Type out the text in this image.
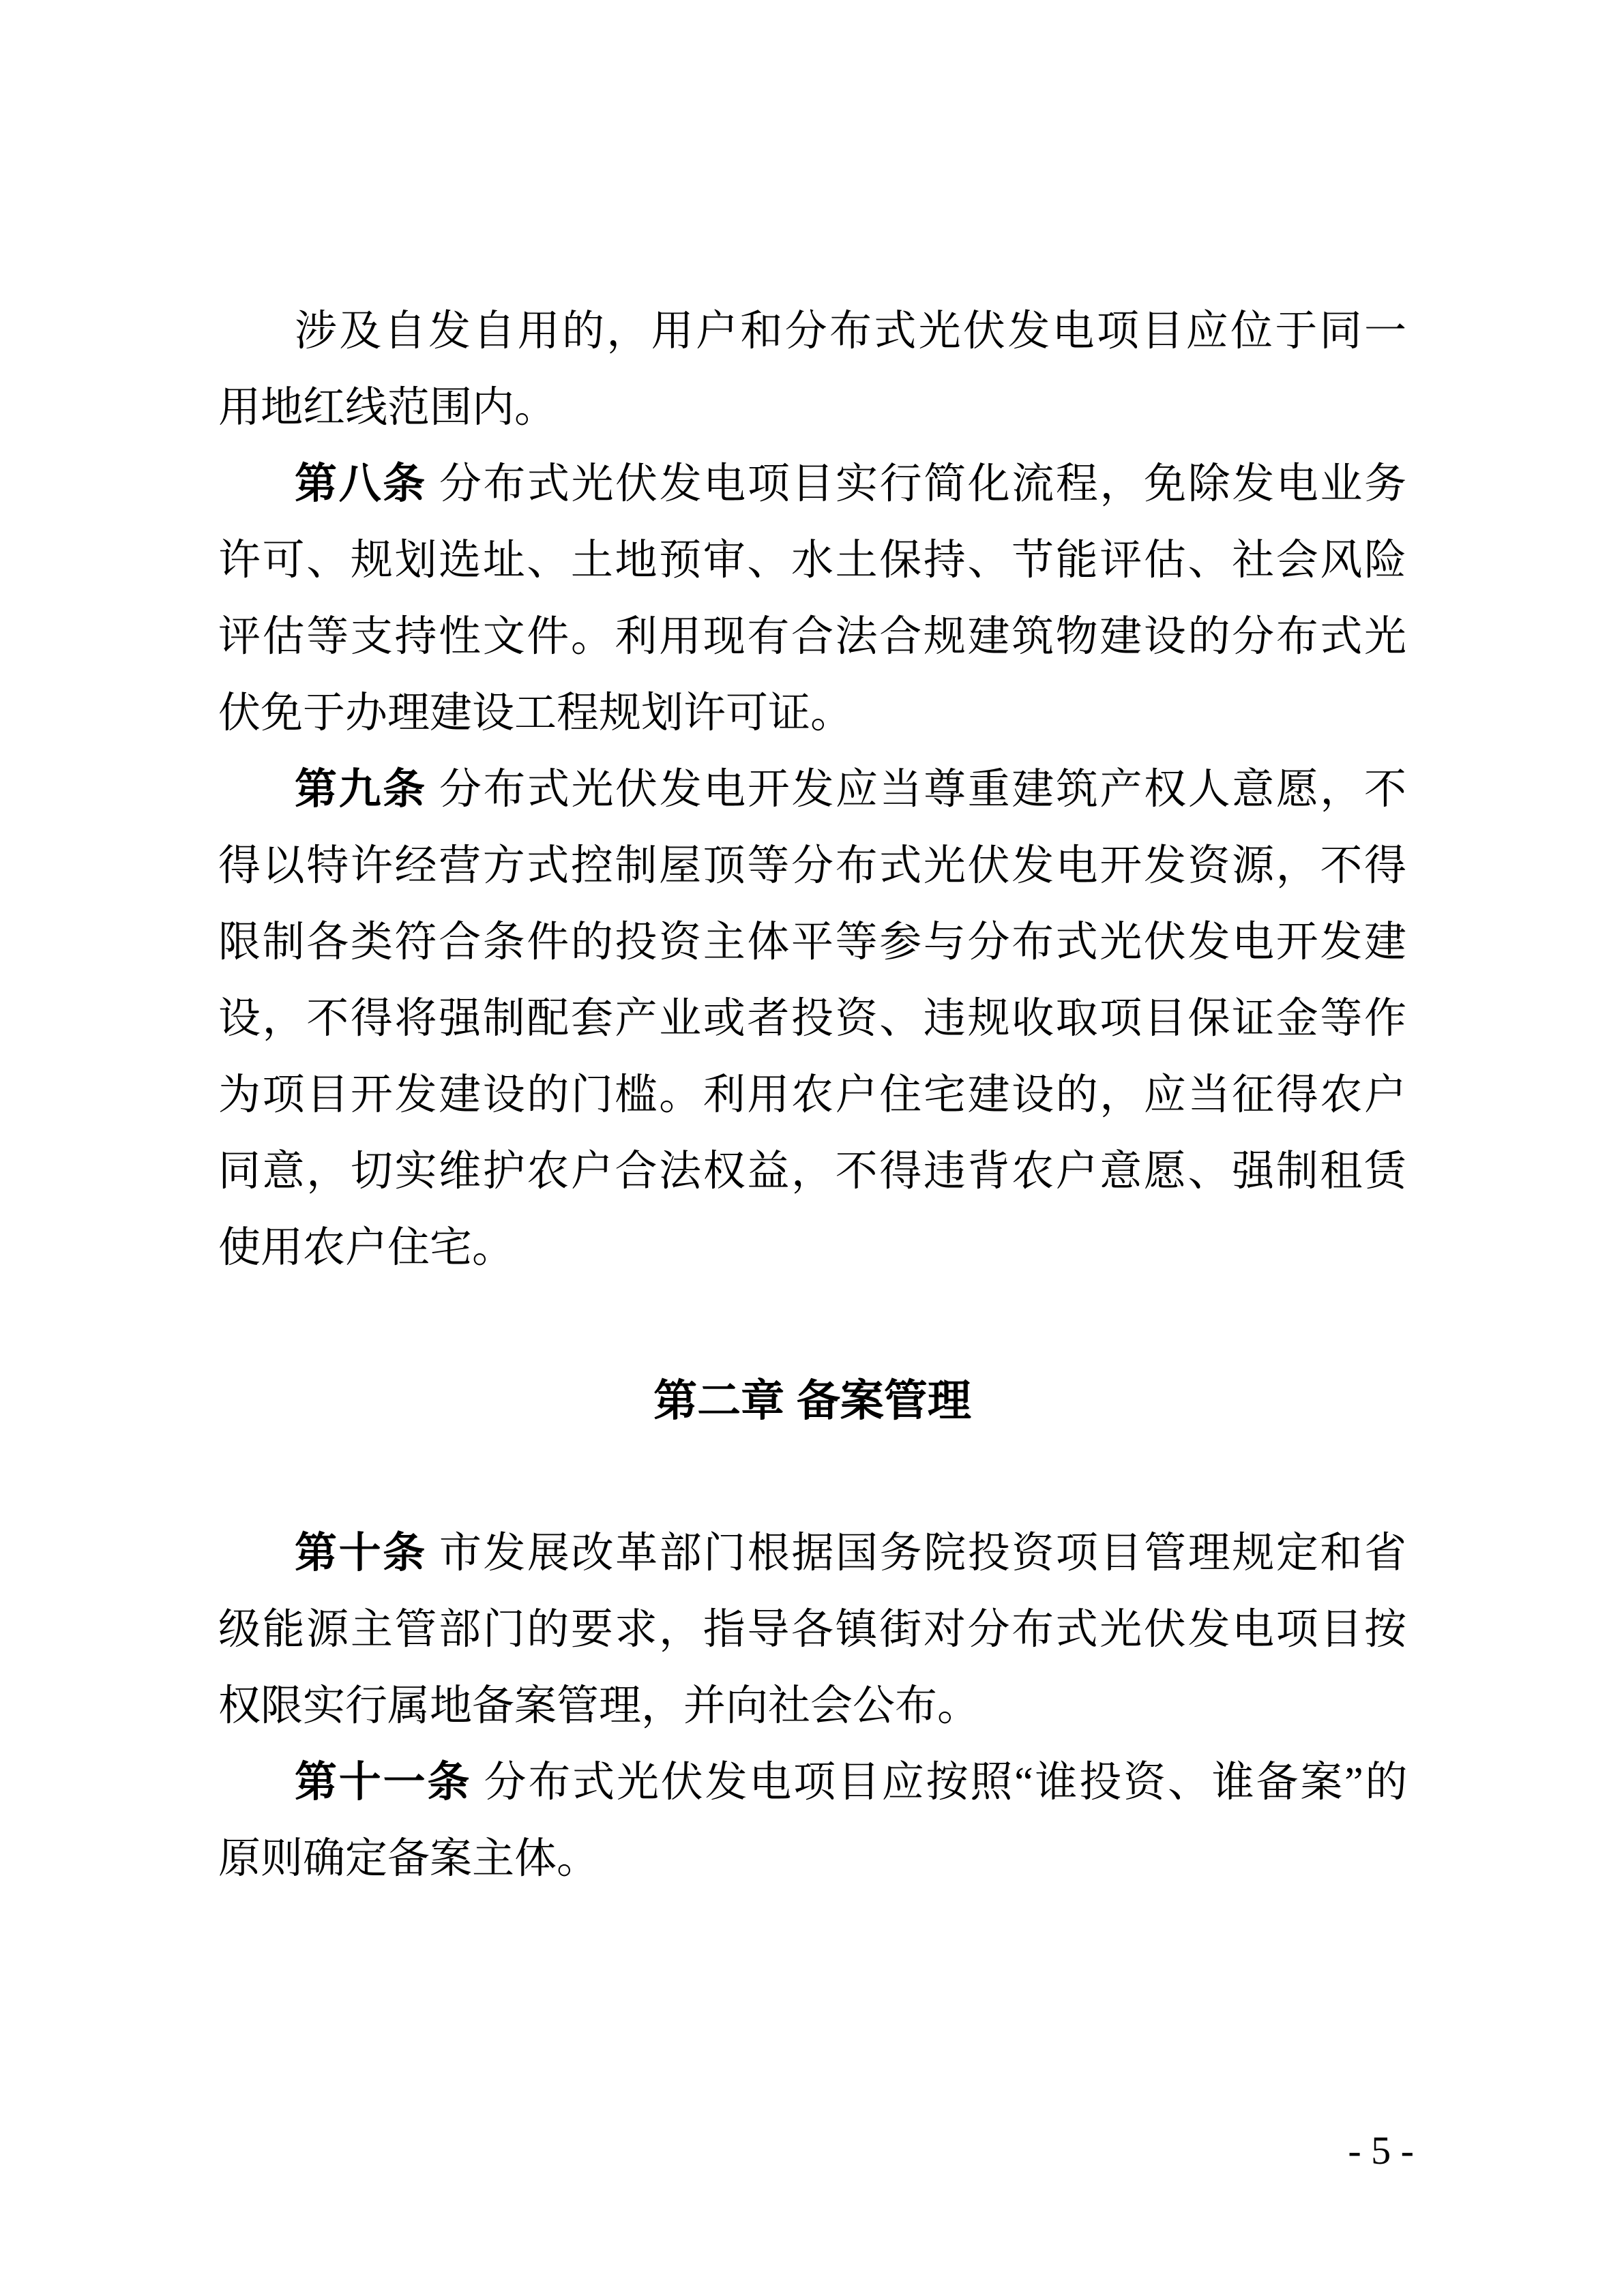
涉及自发自用的，用户和分布式光伏发电项目应位于同一
用地红线范围内。
第八条 分布式光伏发电项目实行简化流程，免除发电业务
许可、规划选址、土地预审、水土保持、节能评估、社会风险
评估等支持性文件。利用现有合法合规建筑物建设的分布式光
伏免于办理建设工程规划许可证。
第九条 分布式光伏发电开发应当尊重建筑产权人意愿，不
得以特许经营方式控制屋顶等分布式光伏发电开发资源，不得
限制各类符合条件的投资主体平等参与分布式光伏发电开发建
设，不得将强制配套产业或者投资、违规收取项目保证金等作
为项目开发建设的门槛。利用农户住宅建设的，应当征得农户
同意，切实维护农户合法权益，不得违背农户意愿、强制租赁
使用农户住宅。
第二章 备案管理
第十条 市发展改革部门根据国务院投资项目管理规定和省
级能源主管部门的要求，指导各镇街对分布式光伏发电项目按
权限实行属地备案管理，并向社会公布。
第十一条 分布式光伏发电项目应按照“谁投资、谁备案”的
原则确定备案主体。
- 5 -
